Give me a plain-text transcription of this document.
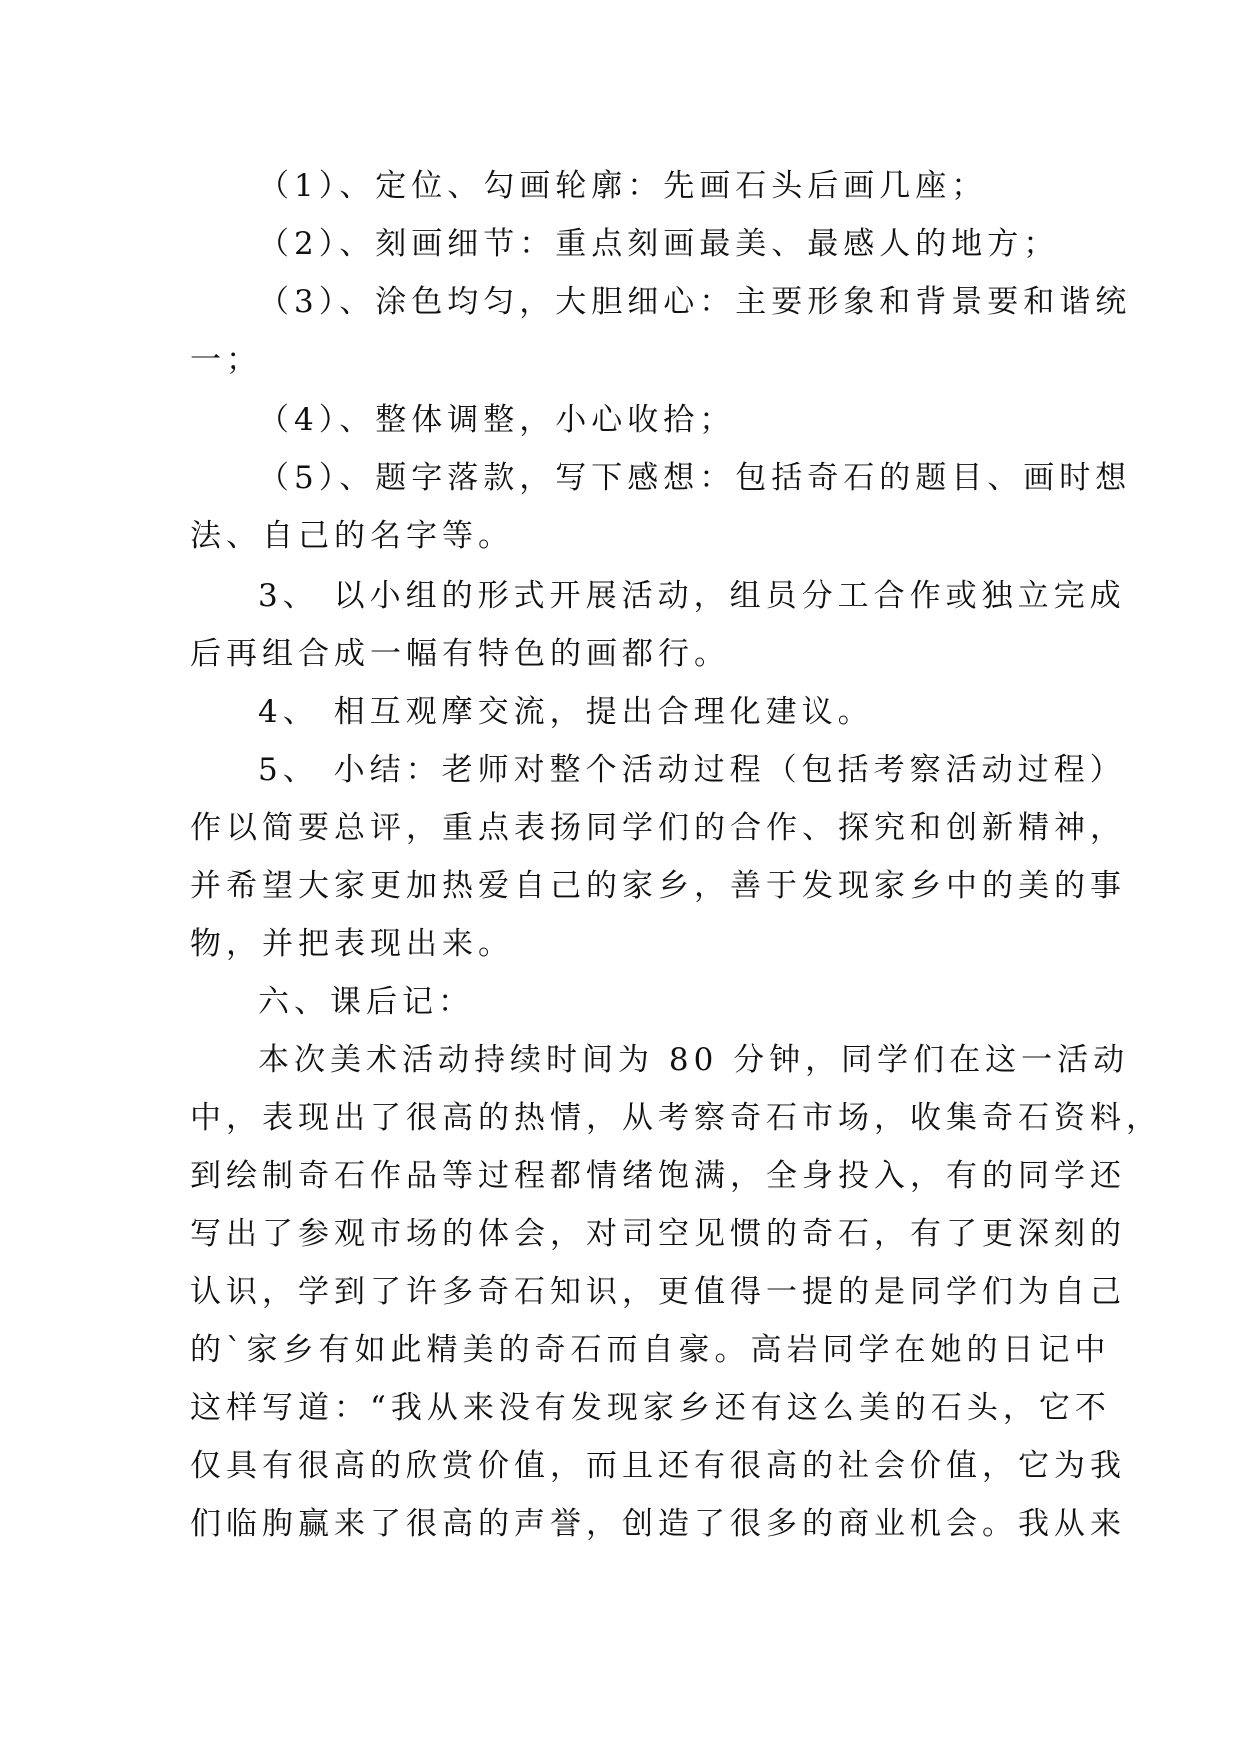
（1）、定位、勾画轮廓：先画石头后画几座；
（2）、刻画细节：重点刻画最美、最感人的地方；
（3）、涂色均匀，大胆细心：主要形象和背景要和谐统
一；
（4）、整体调整，小心收拾；
（5）、题字落款，写下感想：包括奇石的题目、画时想
法、自己的名字等。
3、 以小组的形式开展活动，组员分工合作或独立完成
后再组合成一幅有特色的画都行。
4、 相互观摩交流，提出合理化建议。
5、 小结：老师对整个活动过程（包括考察活动过程）
作以简要总评，重点表扬同学们的合作、探究和创新精神，
并希望大家更加热爱自己的家乡，善于发现家乡中的美的事
物，并把表现出来。
六、课后记：
本次美术活动持续时间为 80 分钟，同学们在这一活动
中，表现出了很高的热情，从考察奇石市场，收集奇石资料，
到绘制奇石作品等过程都情绪饱满，全身投入，有的同学还
写出了参观市场的体会，对司空见惯的奇石，有了更深刻的
认识，学到了许多奇石知识，更值得一提的是同学们为自己
的`家乡有如此精美的奇石而自豪。高岩同学在她的日记中
这样写道：“我从来没有发现家乡还有这么美的石头，它不
仅具有很高的欣赏价值，而且还有很高的社会价值，它为我
们临朐赢来了很高的声誉，创造了很多的商业机会。我从来
